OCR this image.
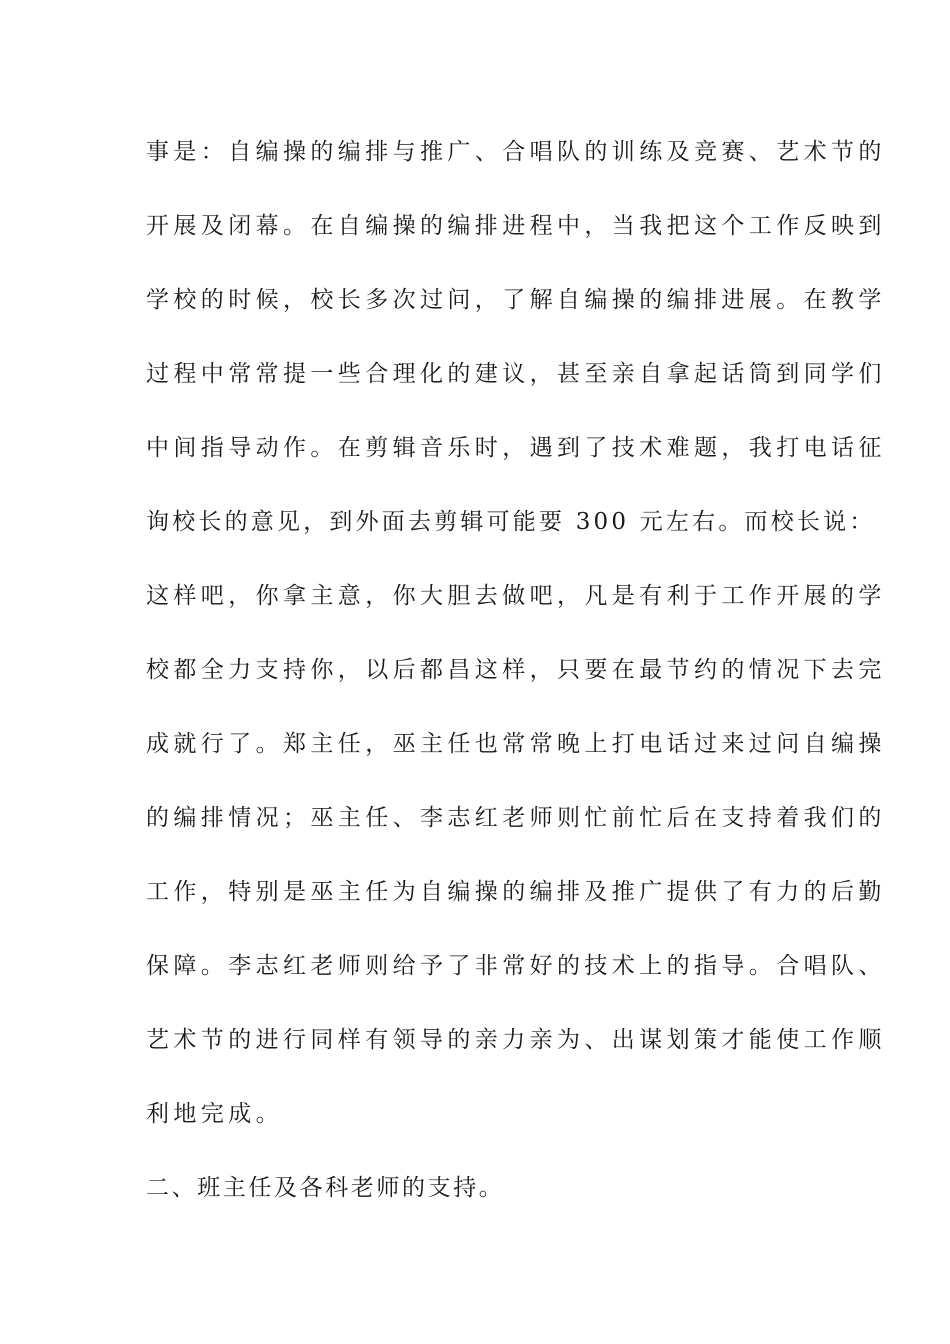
事是：自编操的编排与推广、合唱队的训练及竞赛、艺术节的
开展及闭幕。在自编操的编排进程中，当我把这个工作反映到
学校的时候，校长多次过问，了解自编操的编排进展。在教学
过程中常常提一些合理化的建议，甚至亲自拿起话筒到同学们
中间指导动作。在剪辑音乐时，遇到了技术难题，我打电话征
询校长的意见，到外面去剪辑可能要 300 元左右。而校长说：
这样吧，你拿主意，你大胆去做吧，凡是有利于工作开展的学
校都全力支持你，以后都昌这样，只要在最节约的情况下去完
成就行了。郑主任，巫主任也常常晚上打电话过来过问自编操
的编排情况；巫主任、李志红老师则忙前忙后在支持着我们的
工作，特别是巫主任为自编操的编排及推广提供了有力的后勤
保障。李志红老师则给予了非常好的技术上的指导。合唱队、
艺术节的进行同样有领导的亲力亲为、出谋划策才能使工作顺
利地完成。
二、班主任及各科老师的支持。
